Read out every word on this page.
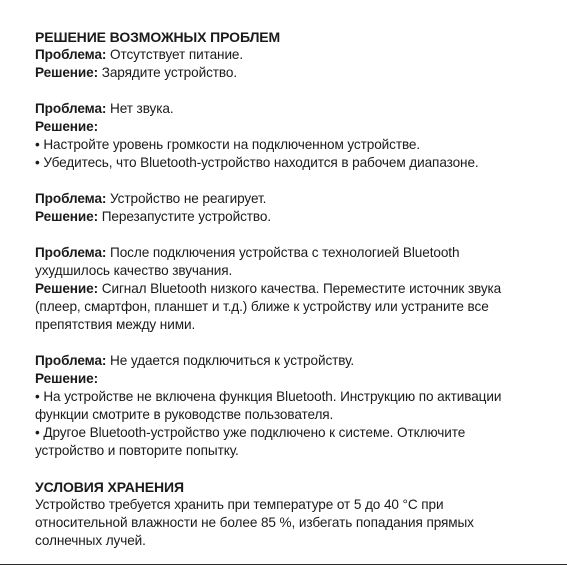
РЕШЕНИЕ ВОЗМОЖНЫХ ПРОБЛЕМ
Проблема: Отсутствует питание.
Решение: Зарядите устройство.
Проблема: Нет звука.
Решение:
• Настройте уровень громкости на подключенном устройстве.
• Убедитесь, что Bluetooth-устройство находится в рабочем диапазоне.
Проблема: Устройство не реагирует.
Решение: Перезапустите устройство.
Проблема: После подключения устройства с технологией Bluetooth
ухудшилось качество звучания.
Решение: Сигнал Bluetooth низкого качества. Переместите источник звука
(плеер, смартфон, планшет и т.д.) ближе к устройству или устраните все
препятствия между ними.
Проблема: Не удается подключиться к устройству.
Решение:
• На устройстве не включена функция Bluetooth. Инструкцию по активации
функции смотрите в руководстве пользователя.
• Другое Bluetooth-устройство уже подключено к системе. Отключите
устройство и повторите попытку.
УСЛОВИЯ ХРАНЕНИЯ
Устройство требуется хранить при температуре от 5 до 40 °C при
относительной влажности не более 85 %, избегать попадания прямых
солнечных лучей.
